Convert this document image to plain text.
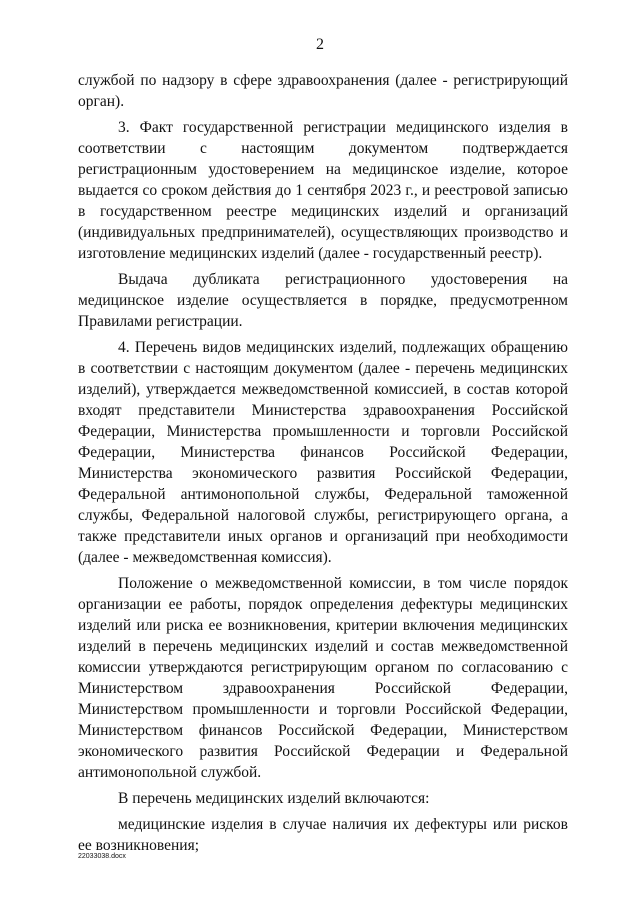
2

службой по надзору в сфере здравоохранения (далее - регистрирующий орган).

3. Факт государственной регистрации медицинского изделия в соответствии с настоящим документом подтверждается регистрационным удостоверением на медицинское изделие, которое выдается со сроком действия до 1 сентября 2023 г., и реестровой записью в государственном реестре медицинских изделий и организаций (индивидуальных предпринимателей), осуществляющих производство и изготовление медицинских изделий (далее - государственный реестр).

Выдача дубликата регистрационного удостоверения на медицинское изделие осуществляется в порядке, предусмотренном Правилами регистрации.

4. Перечень видов медицинских изделий, подлежащих обращению в соответствии с настоящим документом (далее - перечень медицинских изделий), утверждается межведомственной комиссией, в состав которой входят представители Министерства здравоохранения Российской Федерации, Министерства промышленности и торговли Российской Федерации, Министерства финансов Российской Федерации, Министерства экономического развития Российской Федерации, Федеральной антимонопольной службы, Федеральной таможенной службы, Федеральной налоговой службы, регистрирующего органа, а также представители иных органов и организаций при необходимости (далее - межведомственная комиссия).

Положение о межведомственной комиссии, в том числе порядок организации ее работы, порядок определения дефектуры медицинских изделий или риска ее возникновения, критерии включения медицинских изделий в перечень медицинских изделий и состав межведомственной комиссии утверждаются регистрирующим органом по согласованию с Министерством здравоохранения Российской Федерации, Министерством промышленности и торговли Российской Федерации, Министерством финансов Российской Федерации, Министерством экономического развития Российской Федерации и Федеральной антимонопольной службой.

В перечень медицинских изделий включаются:

медицинские изделия в случае наличия их дефектуры или рисков ее возникновения;

22033038.docx
